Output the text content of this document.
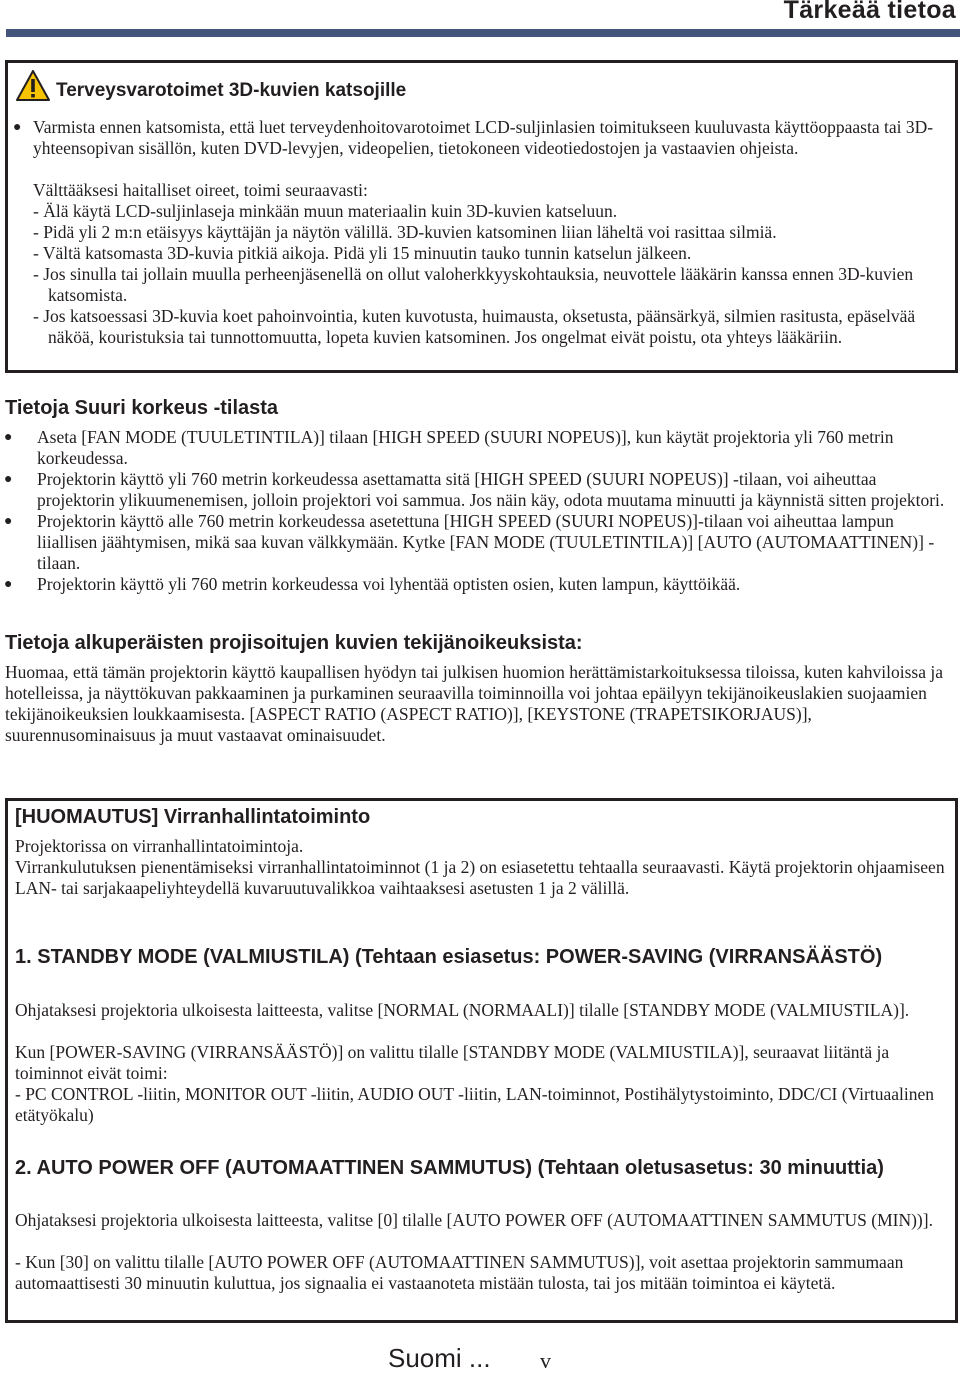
Tärkeää tietoa
Terveysvarotoimet 3D-kuvien katsojille
● Varmista ennen katsomista, että luet terveydenhoitovarotoimet LCD-suljinlasien toimitukseen kuuluvasta käyttöoppaasta tai 3D-yhteensopivan sisällön, kuten DVD-levyjen, videopelien, tietokoneen videotiedostojen ja vastaavien ohjeista.

Välttääksesi haitalliset oireet, toimi seuraavasti:

- Älä käytä LCD-suljinlaseja minkään muun materiaalin kuin 3D-kuvien katseluun.

- Pidä yli 2 m:n etäisyys käyttäjän ja näytön välillä. 3D-kuvien katsominen liian läheltä voi rasittaa silmiä.

- Vältä katsomasta 3D-kuvia pitkiä aikoja. Pidä yli 15 minuutin tauko tunnin katselun jälkeen.

- Jos sinulla tai jollain muulla perheenjäsenellä on ollut valoherkkyyskohtauksia, neuvottele lääkärin kanssa ennen 3D-kuvien katsomista.

- Jos katsoessasi 3D-kuvia koet pahoinvointia, kuten kuvotusta, huimausta, oksetusta, päänsärkyä, silmien rasitusta, epäselvää näköä, kouristuksia tai tunnottomuutta, lopeta kuvien katsominen. Jos ongelmat eivät poistu, ota yhteys lääkäriin.

Tietoja Suuri korkeus -tilasta
● Aseta [FAN MODE (TUULETINTILA)] tilaan [HIGH SPEED (SUURI NOPEUS)], kun käytät projektoria yli 760 metrin korkeudessa.
● Projektorin käyttö yli 760 metrin korkeudessa asettamatta sitä [HIGH SPEED (SUURI NOPEUS)] -tilaan, voi aiheuttaa projektorin ylikuumenemisen, jolloin projektori voi sammua. Jos näin käy, odota muutama minuutti ja käynnistä sitten projektori.
● Projektorin käyttö alle 760 metrin korkeudessa asetettuna [HIGH SPEED (SUURI NOPEUS)]-tilaan voi aiheuttaa lampun liiallisen jäähtymisen, mikä saa kuvan välkkymään. Kytke [FAN MODE (TUULETINTILA)] [AUTO (AUTOMAATTINEN)] -tilaan.
● Projektorin käyttö yli 760 metrin korkeudessa voi lyhentää optisten osien, kuten lampun, käyttöikää.
Tietoja alkuperäisten projisoitujen kuvien tekijänoikeuksista:

Huomaa, että tämän projektorin käyttö kaupallisen hyödyn tai julkisen huomion herättämistarkoituksessa tiloissa, kuten kahviloissa ja hotelleissa, ja näyttökuvan pakkaaminen ja purkaminen seuraavilla toiminnoilla voi johtaa epäilyyn tekijänoikeuslakien suojaamien tekijänoikeuksien loukkaamisesta. [ASPECT RATIO (ASPECT RATIO)], [KEYSTONE (TRAPETSIKORJAUS)], suurennusominaisuus ja muut vastaavat ominaisuudet.

[HUOMAUTUS] Virranhallintatoiminto

Projektorissa on virranhallintatoimintoja.

Virrankulutuksen pienentämiseksi virranhallintatoiminnot (1 ja 2) on esiasetettu tehtaalla seuraavasti. Käytä projektorin ohjaamiseen LAN- tai sarjakaapeliyhteydellä kuvaruutuvalikkoa vaihtaaksesi asetusten 1 ja 2 välillä.

1. STANDBY MODE (VALMIUSTILA) (Tehtaan esiasetus: POWER-SAVING (VIRRANSÄÄSTÖ)

Ohjataksesi projektoria ulkoisesta laitteesta, valitse [NORMAL (NORMAALI)] tilalle [STANDBY MODE (VALMIUSTILA)].

Kun [POWER-SAVING (VIRRANSÄÄSTÖ)] on valittu tilalle [STANDBY MODE (VALMIUSTILA)], seuraavat liitäntä ja toiminnot eivät toimi:

- PC CONTROL -liitin, MONITOR OUT -liitin, AUDIO OUT -liitin, LAN-toiminnot, Postihälytystoiminto, DDC/CI (Virtuaalinen etätyökalu)

2. AUTO POWER OFF (AUTOMAATTINEN SAMMUTUS) (Tehtaan oletusasetus: 30 minuuttia)

Ohjataksesi projektoria ulkoisesta laitteesta, valitse [0] tilalle [AUTO POWER OFF (AUTOMAATTINEN SAMMUTUS (MIN))].

- Kun [30] on valittu tilalle [AUTO POWER OFF (AUTOMAATTINEN SAMMUTUS)], voit asettaa projektorin sammumaan automaattisesti 30 minuutin kuluttua, jos signaalia ei vastaanoteta mistään tulosta, tai jos mitään toimintoa ei käytetä.

Suomi ... v
